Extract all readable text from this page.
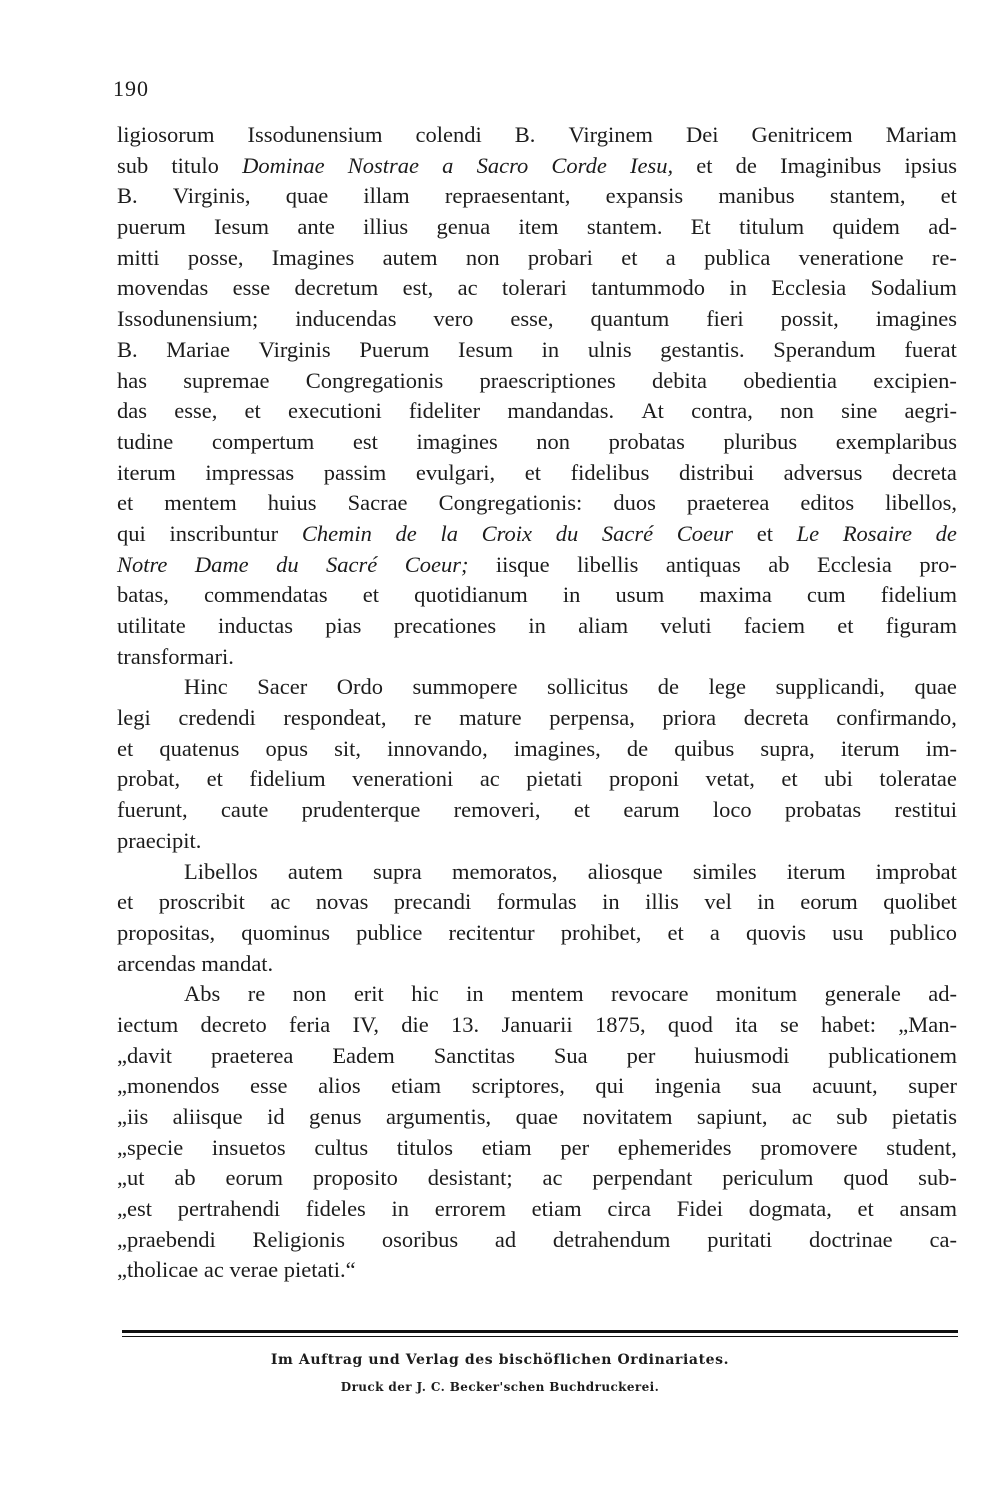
190
ligiosorum Issodunensium colendi B. Virginem Dei Genitricem Mariam
sub titulo Dominae Nostrae a Sacro Corde Iesu, et de Imaginibus ipsius
B. Virginis, quae illam repraesentant, expansis manibus stantem, et
puerum Iesum ante illius genua item stantem. Et titulum quidem ad-
mitti posse, Imagines autem non probari et a publica veneratione re-
movendas esse decretum est, ac tolerari tantummodo in Ecclesia Sodalium
Issodunensium; inducendas vero esse, quantum fieri possit, imagines
B. Mariae Virginis Puerum Iesum in ulnis gestantis. Sperandum fuerat
has supremae Congregationis praescriptiones debita obedientia excipien-
das esse, et executioni fideliter mandandas. At contra, non sine aegri-
tudine compertum est imagines non probatas pluribus exemplaribus
iterum impressas passim evulgari, et fidelibus distribui adversus decreta
et mentem huius Sacrae Congregationis: duos praeterea editos libellos,
qui inscribuntur Chemin de la Croix du Sacré Coeur et Le Rosaire de
Notre Dame du Sacré Coeur; iisque libellis antiquas ab Ecclesia pro-
batas, commendatas et quotidianum in usum maxima cum fidelium
utilitate inductas pias precationes in aliam veluti faciem et figuram
transformari.
Hinc Sacer Ordo summopere sollicitus de lege supplicandi, quae
legi credendi respondeat, re mature perpensa, priora decreta confirmando,
et quatenus opus sit, innovando, imagines, de quibus supra, iterum im-
probat, et fidelium venerationi ac pietati proponi vetat, et ubi toleratae
fuerunt, caute prudenterque removeri, et earum loco probatas restitui
praecipit.
Libellos autem supra memoratos, aliosque similes iterum improbat
et proscribit ac novas precandi formulas in illis vel in eorum quolibet
propositas, quominus publice recitentur prohibet, et a quovis usu publico
arcendas
mandat.
Abs re non erit hic in mentem revocare monitum generale ad-
iectum decreto feria IV, die 13. Januarii 1875, quod ita se habet: „Man-
„davit praeterea Eadem Sanctitas Sua per huiusmodi publicationem
„monendos esse alios etiam scriptores, qui ingenia sua acuunt, super
„iis aliisque id genus argumentis, quae novitatem sapiunt, ac sub pietatis
„specie insuetos cultus titulos etiam per ephemerides promovere student,
„ut ab eorum proposito desistant; ac perpendant periculum quod sub-
„est pertrahendi fideles in errorem etiam circa Fidei dogmata, et ansam
„praebendi Religionis osoribus ad detrahendum puritati doctrinae ca-
„tholicae
ac
verae
pietati.“
Im Auftrag und Verlag des bischöflichen Ordinariates.
Druck der J. C. Becker'schen Buchdruckerei.
